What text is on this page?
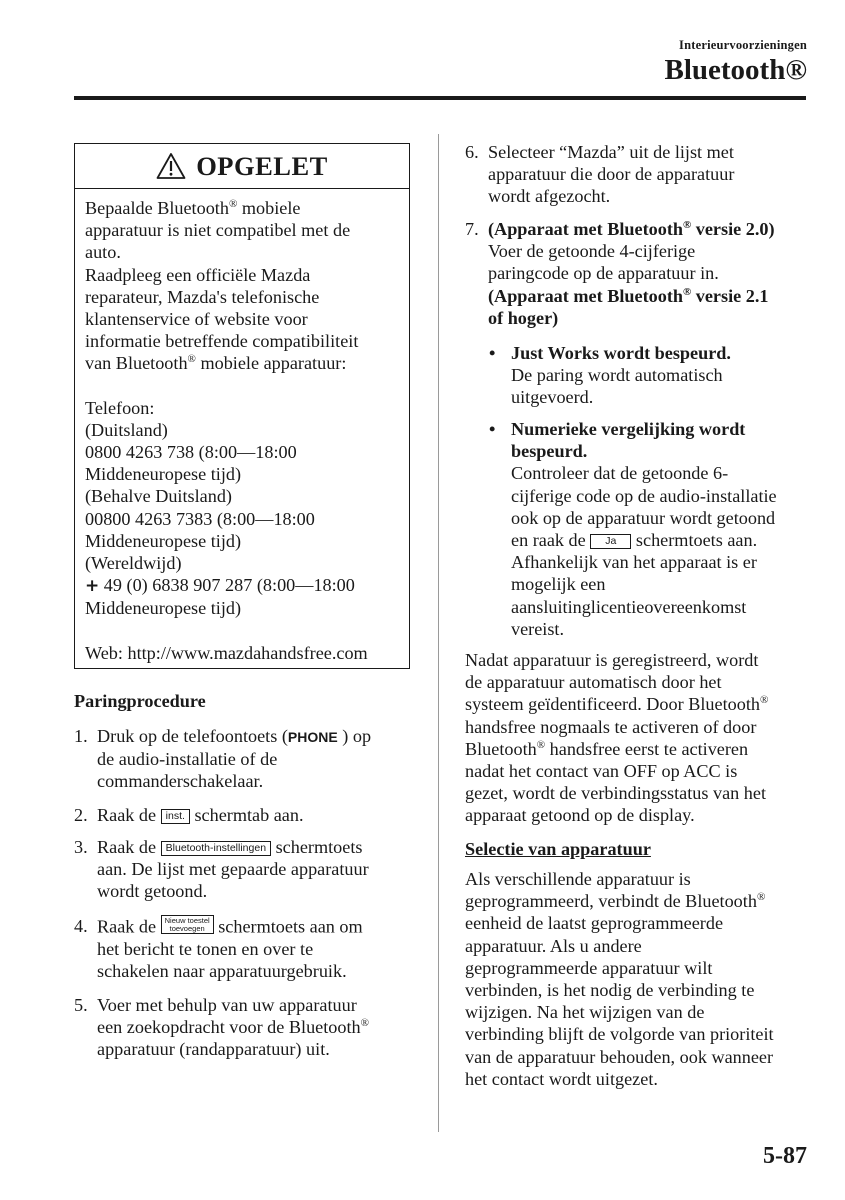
Interieurvoorzieningen
Bluetooth®
OPGELET
Bepaalde Bluetooth® mobiele
apparatuur is niet compatibel met de
auto.
Raadpleeg een officiële Mazda
reparateur, Mazda's telefonische
klantenservice of website voor
informatie betreffende compatibiliteit
van Bluetooth® mobiele apparatuur:
Telefoon:
(Duitsland)
0800 4263 738 (8:00—18:00
Middeneuropese tijd)
(Behalve Duitsland)
00800 4263 7383 (8:00—18:00
Middeneuropese tijd)
(Wereldwijd)
+ 49 (0) 6838 907 287 (8:00—18:00
Middeneuropese tijd)
Web: http://www.mazdahandsfree.com
Paringprocedure
1. Druk op de telefoontoets (PHONE ) op
de audio-installatie of de
commanderschakelaar.
2. Raak de inst. schermtab aan.
3. Raak de Bluetooth-instellingen schermtoets
aan. De lijst met gepaarde apparatuur
wordt getoond.
4. Raak de Nieuw toestel
toevoegen schermtoets aan om
het bericht te tonen en over te
schakelen naar apparatuurgebruik.
5. Voer met behulp van uw apparatuur
een zoekopdracht voor de Bluetooth®
apparatuur (randapparatuur) uit.
6. Selecteer “Mazda” uit de lijst met
apparatuur die door de apparatuur
wordt afgezocht.
7. (Apparaat met Bluetooth® versie 2.0)
Voer de getoonde 4-cijferige
paringcode op de apparatuur in.
(Apparaat met Bluetooth® versie 2.1
of hoger)
• Just Works wordt bespeurd.
De paring wordt automatisch
uitgevoerd.
• Numerieke vergelijking wordt
bespeurd.
Controleer dat de getoonde 6-
cijferige code op de audio-installatie
ook op de apparatuur wordt getoond
en raak de Ja schermtoets aan.
Afhankelijk van het apparaat is er
mogelijk een
aansluitinglicentieovereenkomst
vereist.
Nadat apparatuur is geregistreerd, wordt
de apparatuur automatisch door het
systeem geïdentificeerd. Door Bluetooth®
handsfree nogmaals te activeren of door
Bluetooth® handsfree eerst te activeren
nadat het contact van OFF op ACC is
gezet, wordt de verbindingsstatus van het
apparaat getoond op de display.
Selectie van apparatuur
Als verschillende apparatuur is
geprogrammeerd, verbindt de Bluetooth®
eenheid de laatst geprogrammeerde
apparatuur. Als u andere
geprogrammeerde apparatuur wilt
verbinden, is het nodig de verbinding te
wijzigen. Na het wijzigen van de
verbinding blijft de volgorde van prioriteit
van de apparatuur behouden, ook wanneer
het contact wordt uitgezet.
5-87
